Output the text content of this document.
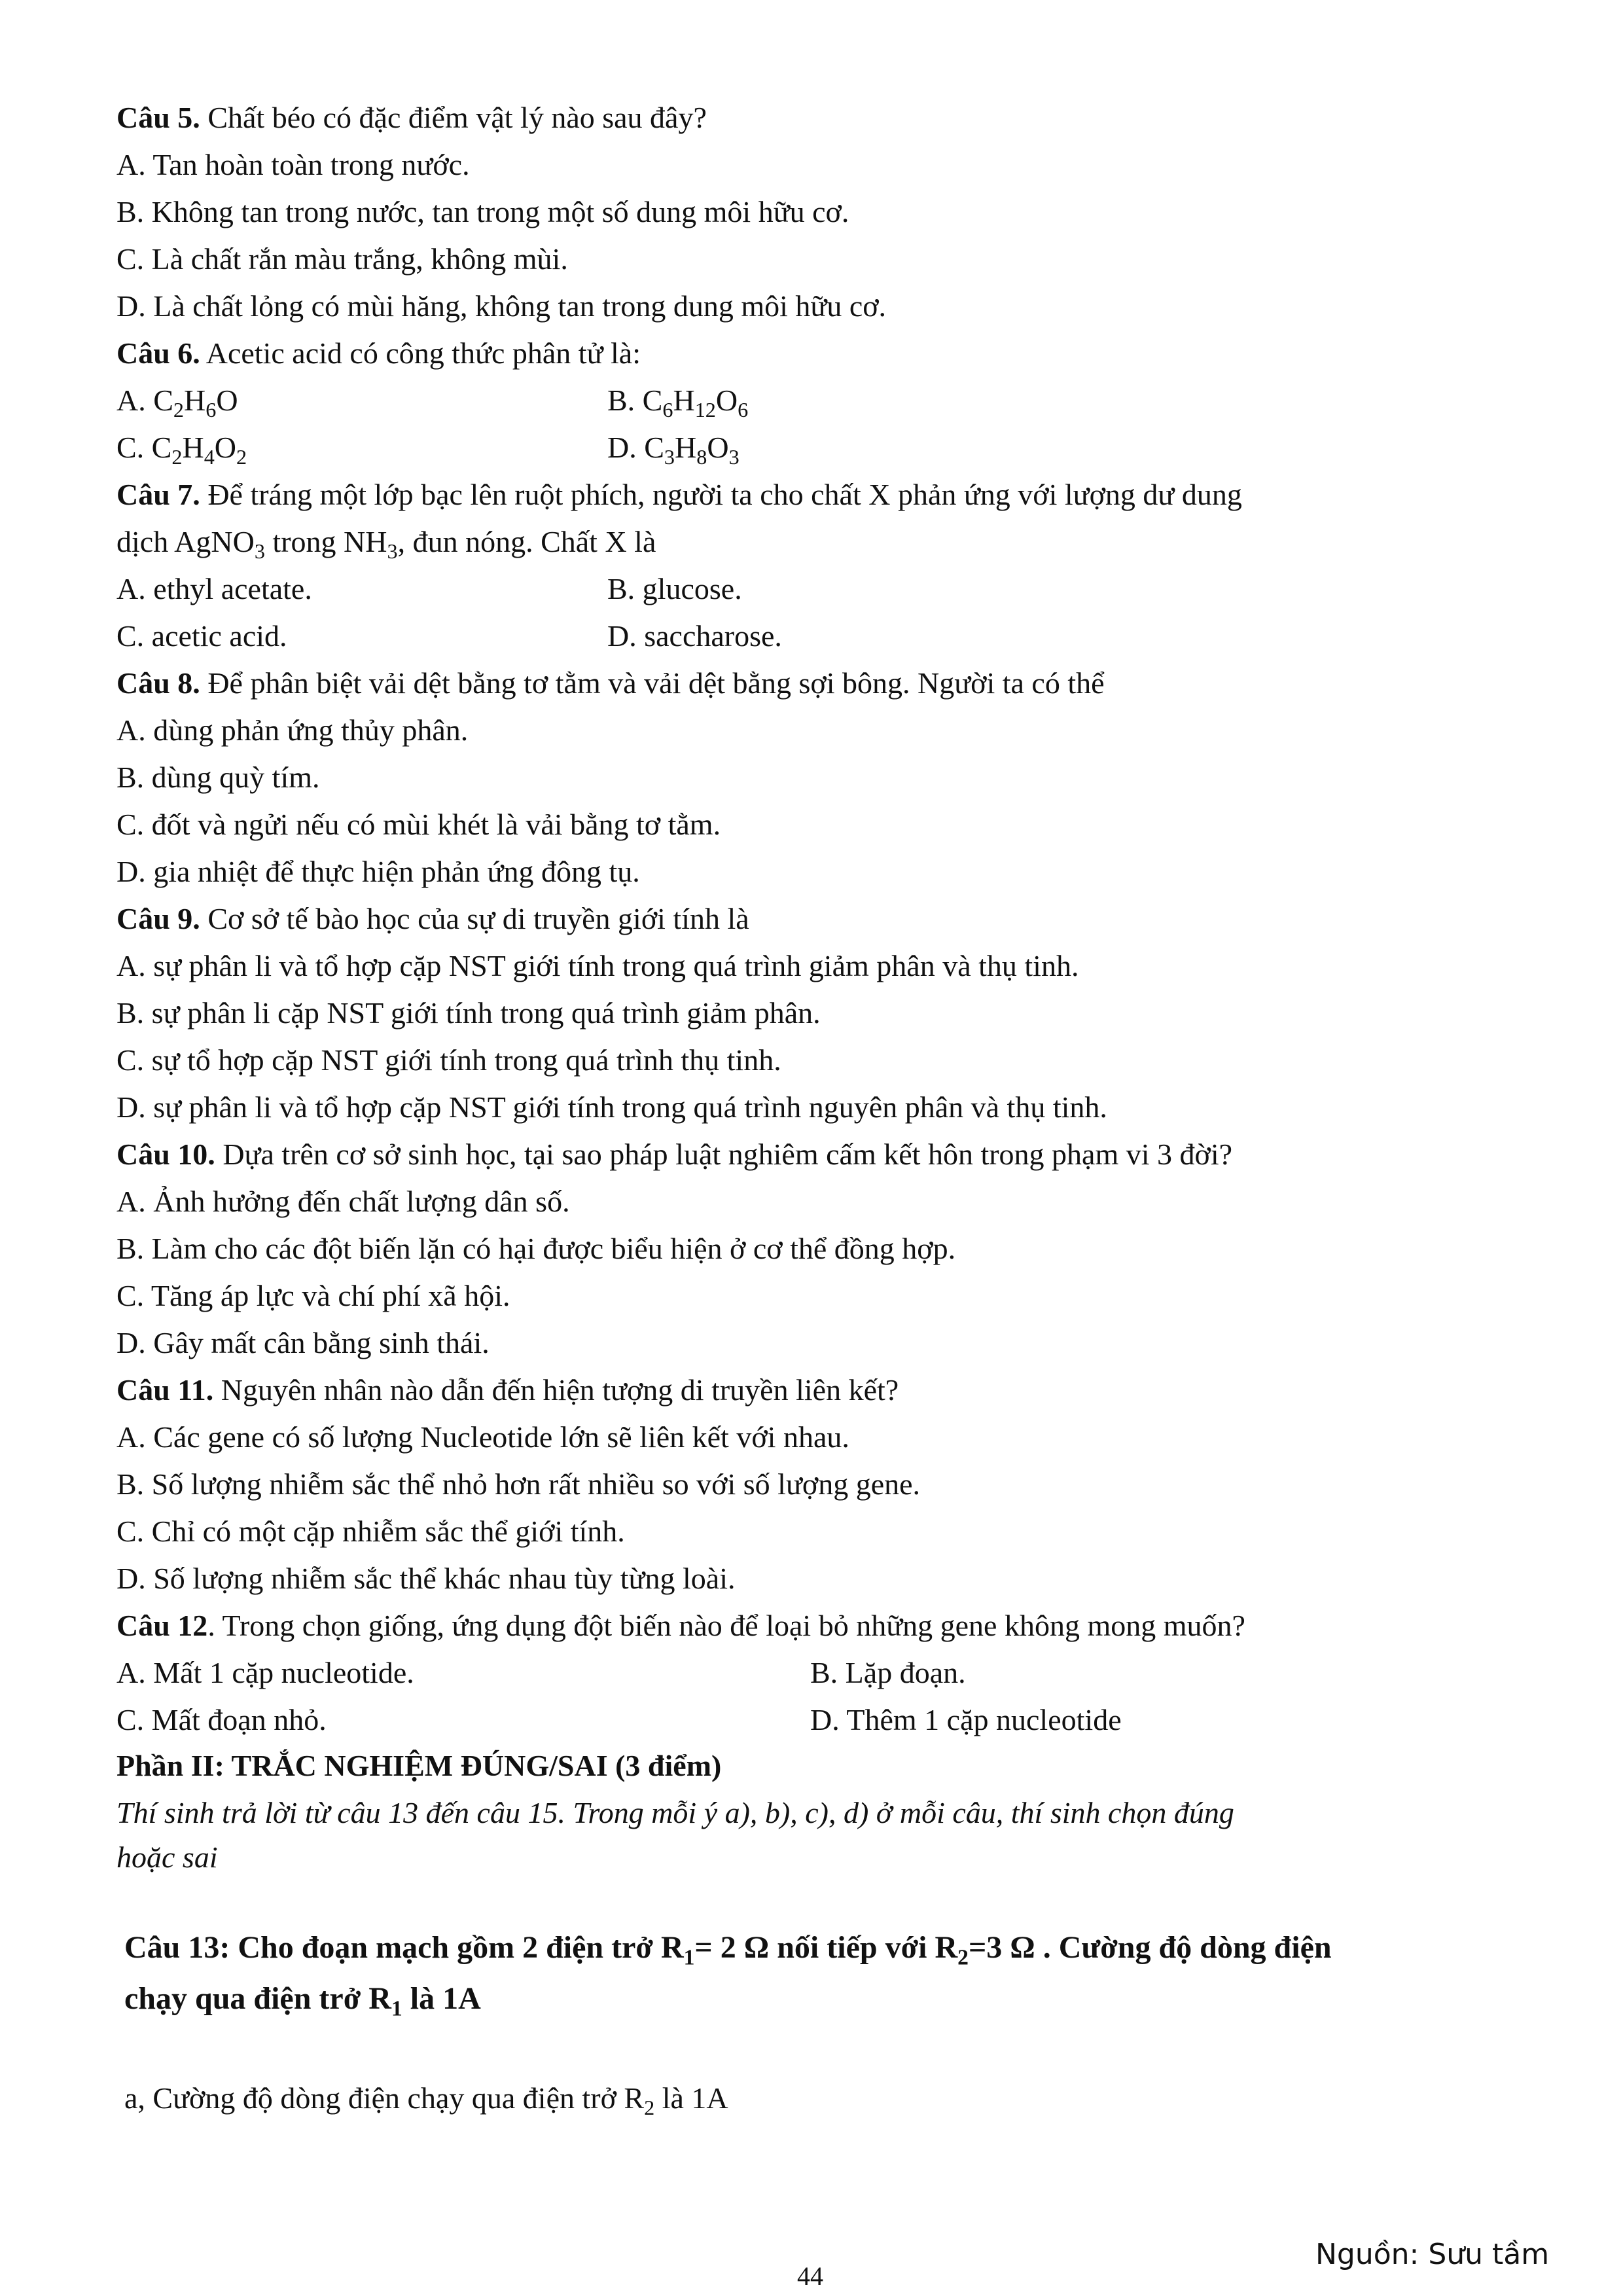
Câu 5. Chất béo có đặc điểm vật lý nào sau đây?
A. Tan hoàn toàn trong nước.
B. Không tan trong nước, tan trong một số dung môi hữu cơ.
C. Là chất rắn màu trắng, không mùi.
D. Là chất lỏng có mùi hăng, không tan trong dung môi hữu cơ.
Câu 6. Acetic acid có công thức phân tử là:
A. $C_2H_6O$	B. $C_6H_{12}O_6$
C. $C_2H_4O_2$	D. $C_3H_8O_3$
Câu 7. Để tráng một lớp bạc lên ruột phích, người ta cho chất X phản ứng với lượng dư dung
dịch AgNO$_3$ trong $NH_3$, đun nóng. Chất X là
A. ethyl acetate.	B. glucose.
C. acetic acid.	D. saccharose.
Câu 8. Để phân biệt vải dệt bằng tơ tằm và vải dệt bằng sợi bông. Người ta có thể
A. dùng phản ứng thủy phân.
B. dùng quỳ tím.
C. đốt và ngửi nếu có mùi khét là vải bằng tơ tằm.
D. gia nhiệt để thực hiện phản ứng đông tụ.
Câu 9. Cơ sở tế bào học của sự di truyền giới tính là
A. sự phân li và tổ hợp cặp NST giới tính trong quá trình giảm phân và thụ tinh.
B. sự phân li cặp NST giới tính trong quá trình giảm phân.
C. sự tổ hợp cặp NST giới tính trong quá trình thụ tinh.
D. sự phân li và tổ hợp cặp NST giới tính trong quá trình nguyên phân và thụ tinh.
Câu 10. Dựa trên cơ sở sinh học, tại sao pháp luật nghiêm cấm kết hôn trong phạm vi 3 đời?
A. Ảnh hưởng đến chất lượng dân số.
B. Làm cho các đột biến lặn có hại được biểu hiện ở cơ thể đồng hợp.
C. Tăng áp lực và chí phí xã hội.
D. Gây mất cân bằng sinh thái.
Câu 11. Nguyên nhân nào dẫn đến hiện tượng di truyền liên kết?
A. Các gene có số lượng Nucleotide lớn sẽ liên kết với nhau.
B. Số lượng nhiễm sắc thể nhỏ hơn rất nhiều so với số lượng gene.
C. Chỉ có một cặp nhiễm sắc thể giới tính.
D. Số lượng nhiễm sắc thể khác nhau tùy từng loài.
Câu 12. Trong chọn giống, ứng dụng đột biến nào để loại bỏ những gene không mong muốn?
A. Mất 1 cặp nucleotide.	B. Lặp đoạn.
C. Mất đoạn nhỏ.	D. Thêm 1 cặp nucleotide
Phần II: TRẮC NGHIỆM ĐÚNG/SAI (3 điểm)
Thí sinh trả lời từ câu 13 đến câu 15. Trong mỗi ý a), b), c), d) ở mỗi câu, thí sinh chọn đúng
hoặc sai
Câu 13: Cho đoạn mạch gồm 2 điện trở $R_1= 2$ Ω nối tiếp với $R_2=3$ Ω . Cường độ dòng điện
chạy qua điện trở $R_1$ là 1A
a, Cường độ dòng điện chạy qua điện trở $R_2$ là 1A
Nguồn: Sưu tầm
44
